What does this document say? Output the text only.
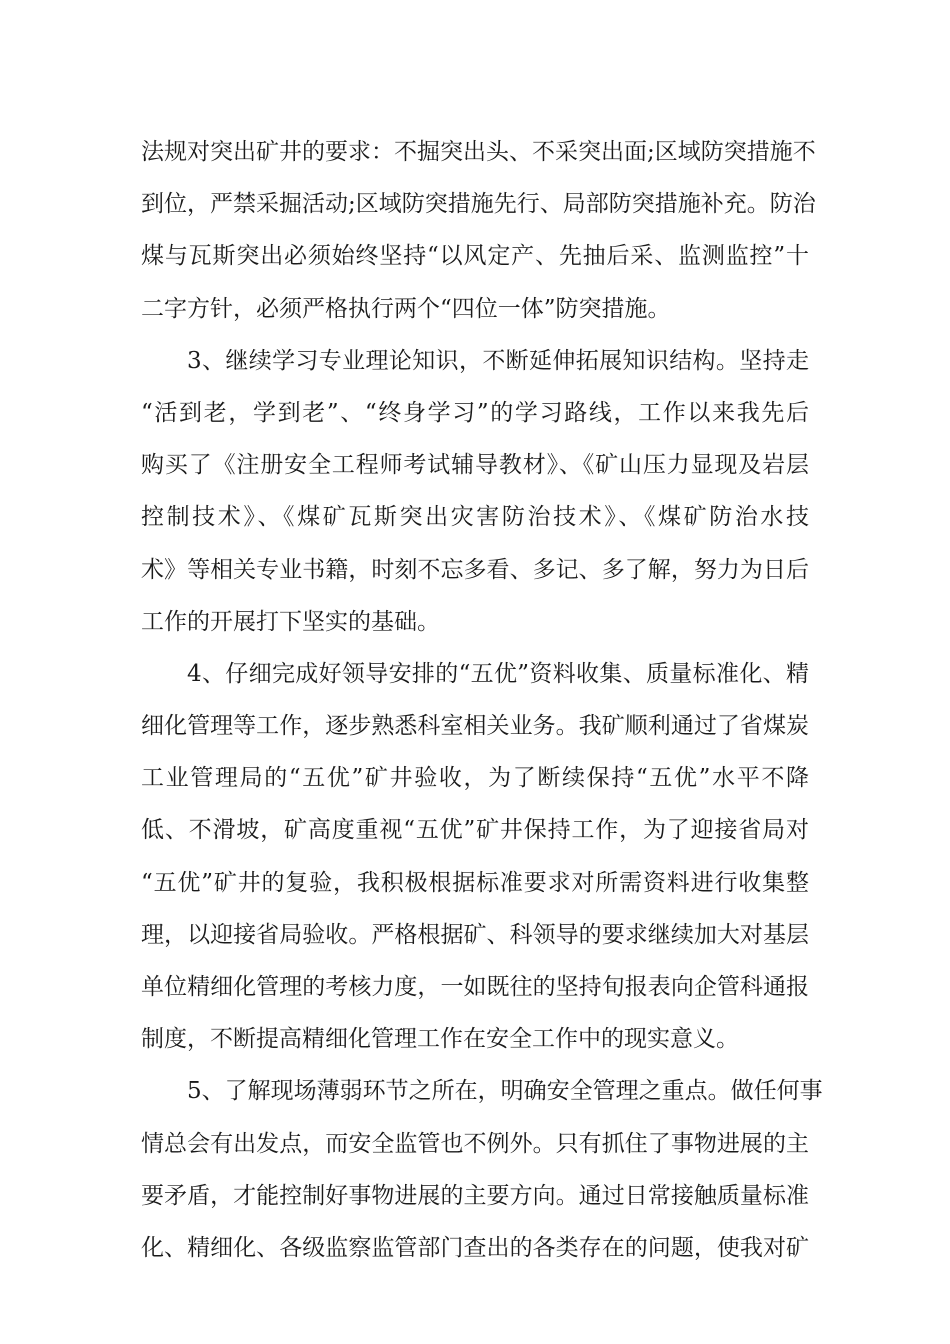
法规对突出矿井的要求：不掘突出头、不采突出面;区域防突措施不
到位，严禁采掘活动;区域防突措施先行、局部防突措施补充。防治
煤与瓦斯突出必须始终坚持“以风定产、先抽后采、监测监控”十
二字方针，必须严格执行两个“四位一体”防突措施。
3、继续学习专业理论知识，不断延伸拓展知识结构。坚持走
“活到老，学到老”、“终身学习”的学习路线，工作以来我先后
购买了《注册安全工程师考试辅导教材》、《矿山压力显现及岩层
控制技术》、《煤矿瓦斯突出灾害防治技术》、《煤矿防治水技
术》等相关专业书籍，时刻不忘多看、多记、多了解，努力为日后
工作的开展打下坚实的基础。
4、仔细完成好领导安排的“五优”资料收集、质量标准化、精
细化管理等工作，逐步熟悉科室相关业务。我矿顺利通过了省煤炭
工业管理局的“五优”矿井验收，为了断续保持“五优”水平不降
低、不滑坡，矿高度重视“五优”矿井保持工作，为了迎接省局对
“五优”矿井的复验，我积极根据标准要求对所需资料进行收集整
理，以迎接省局验收。严格根据矿、科领导的要求继续加大对基层
单位精细化管理的考核力度，一如既往的坚持旬报表向企管科通报
制度，不断提高精细化管理工作在安全工作中的现实意义。
5、了解现场薄弱环节之所在，明确安全管理之重点。做任何事
情总会有出发点，而安全监管也不例外。只有抓住了事物进展的主
要矛盾，才能控制好事物进展的主要方向。通过日常接触质量标准
化、精细化、各级监察监管部门查出的各类存在的问题，使我对矿
